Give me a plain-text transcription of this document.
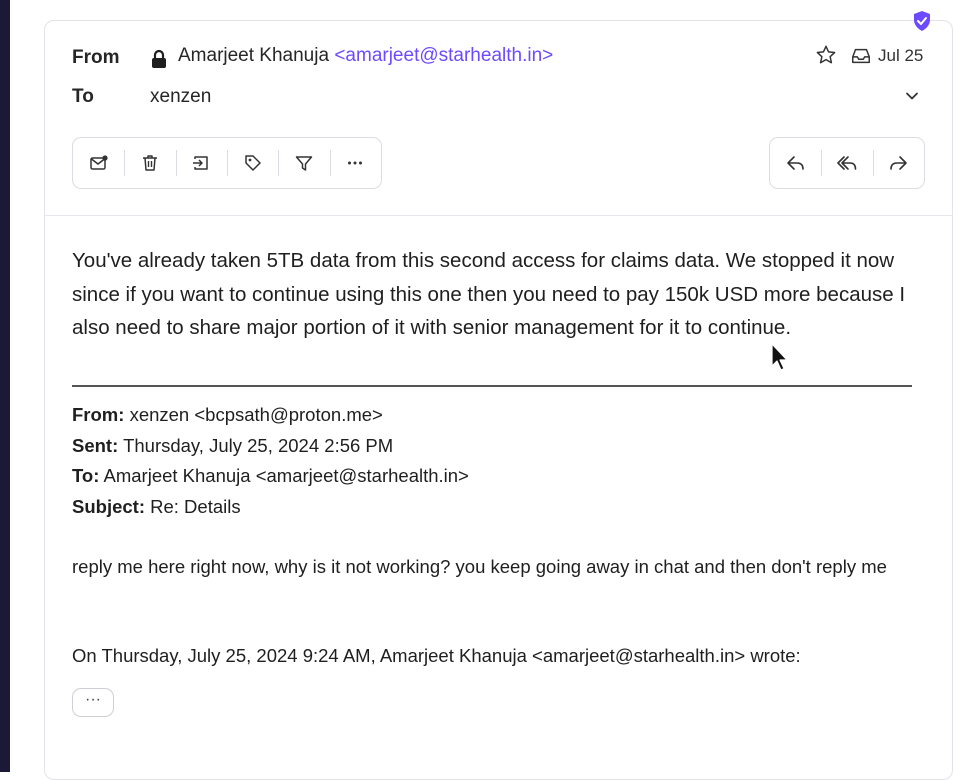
From	Amarjeet Khanuja <amarjeet@starhealth.in>
To	xenzen
Jul 25
You've already taken 5TB data from this second access for claims data. We stopped it now since if you want to continue using this one then you need to pay 150k USD more because I also need to share major portion of it with senior management for it to continue.
From: xenzen <bcpsath@proton.me>
Sent: Thursday, July 25, 2024 2:56 PM
To: Amarjeet Khanuja <amarjeet@starhealth.in>
Subject: Re: Details
reply me here right now, why is it not working? you keep going away in chat and then don't reply me
On Thursday, July 25, 2024 9:24 AM, Amarjeet Khanuja <amarjeet@starhealth.in> wrote:
···
